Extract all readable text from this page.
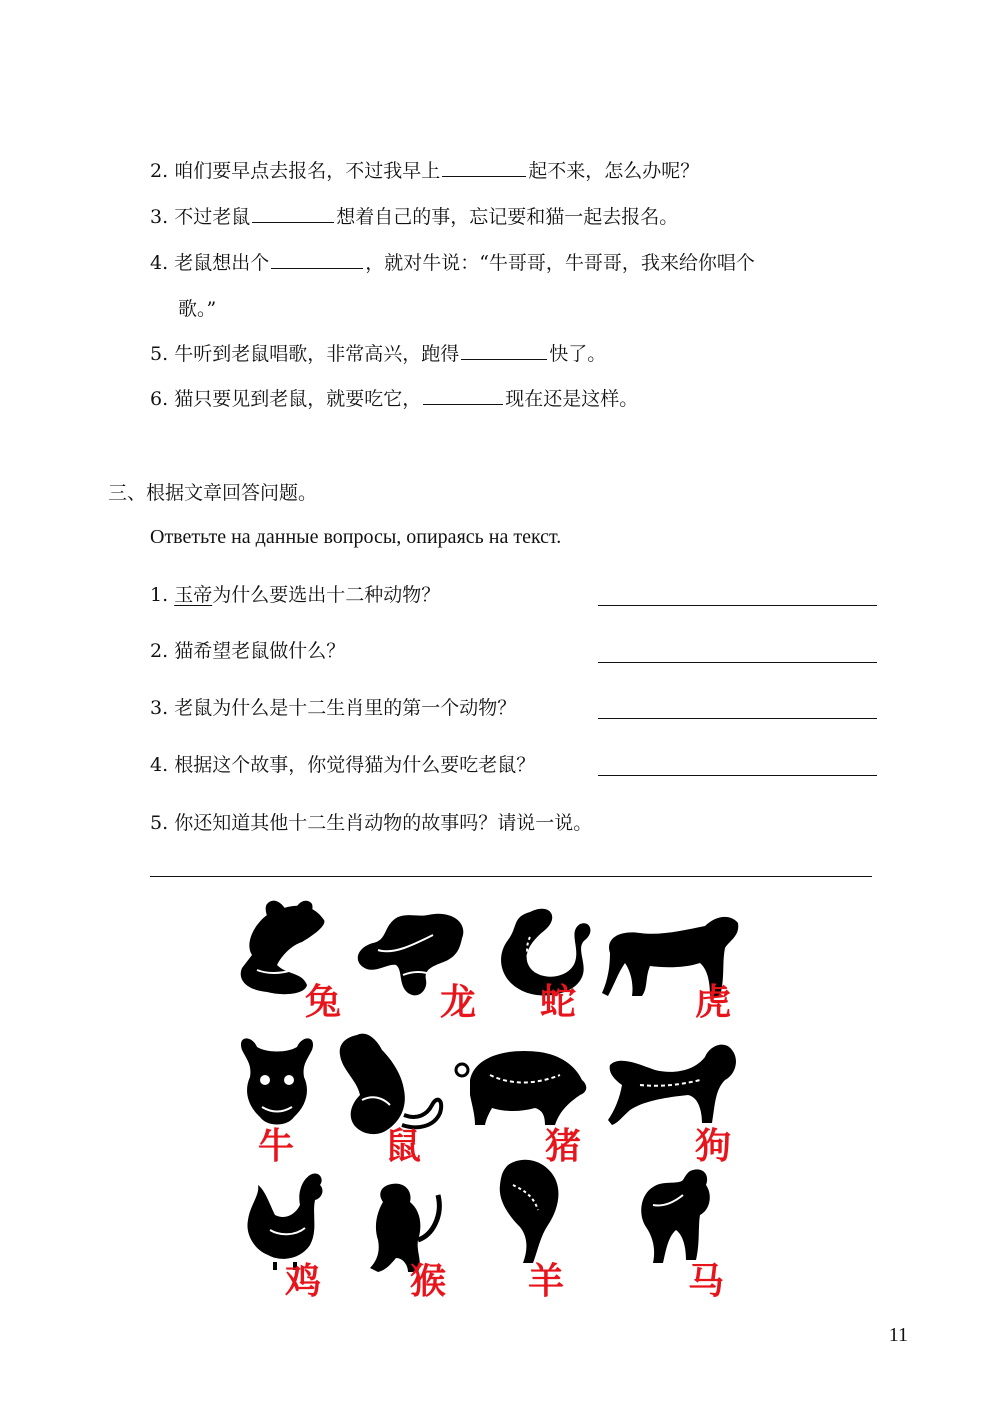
2. 咱们要早点去报名，不过我早上	起不来，怎么办呢？
3. 不过老鼠	想着自己的事，忘记要和猫一起去报名。
4. 老鼠想出个	，就对牛说：“牛哥哥，牛哥哥，我来给你唱个
歌。”
5. 牛听到老鼠唱歌，非常高兴，跑得	快了。
6. 猫只要见到老鼠，就要吃它，	现在还是这样。
三、根据文章回答问题。
Ответьте на данные вопросы, опираясь на текст.
1. 玉帝为什么要选出十二种动物？
2. 猫希望老鼠做什么？
3. 老鼠为什么是十二生肖里的第一个动物？
4. 根据这个故事，你觉得猫为什么要吃老鼠？
5. 你还知道其他十二生肖动物的故事吗？请说一说。
兔	龙 蛇	虎
牛	鼠	猪	狗
鸡 猴 羊	马
11
